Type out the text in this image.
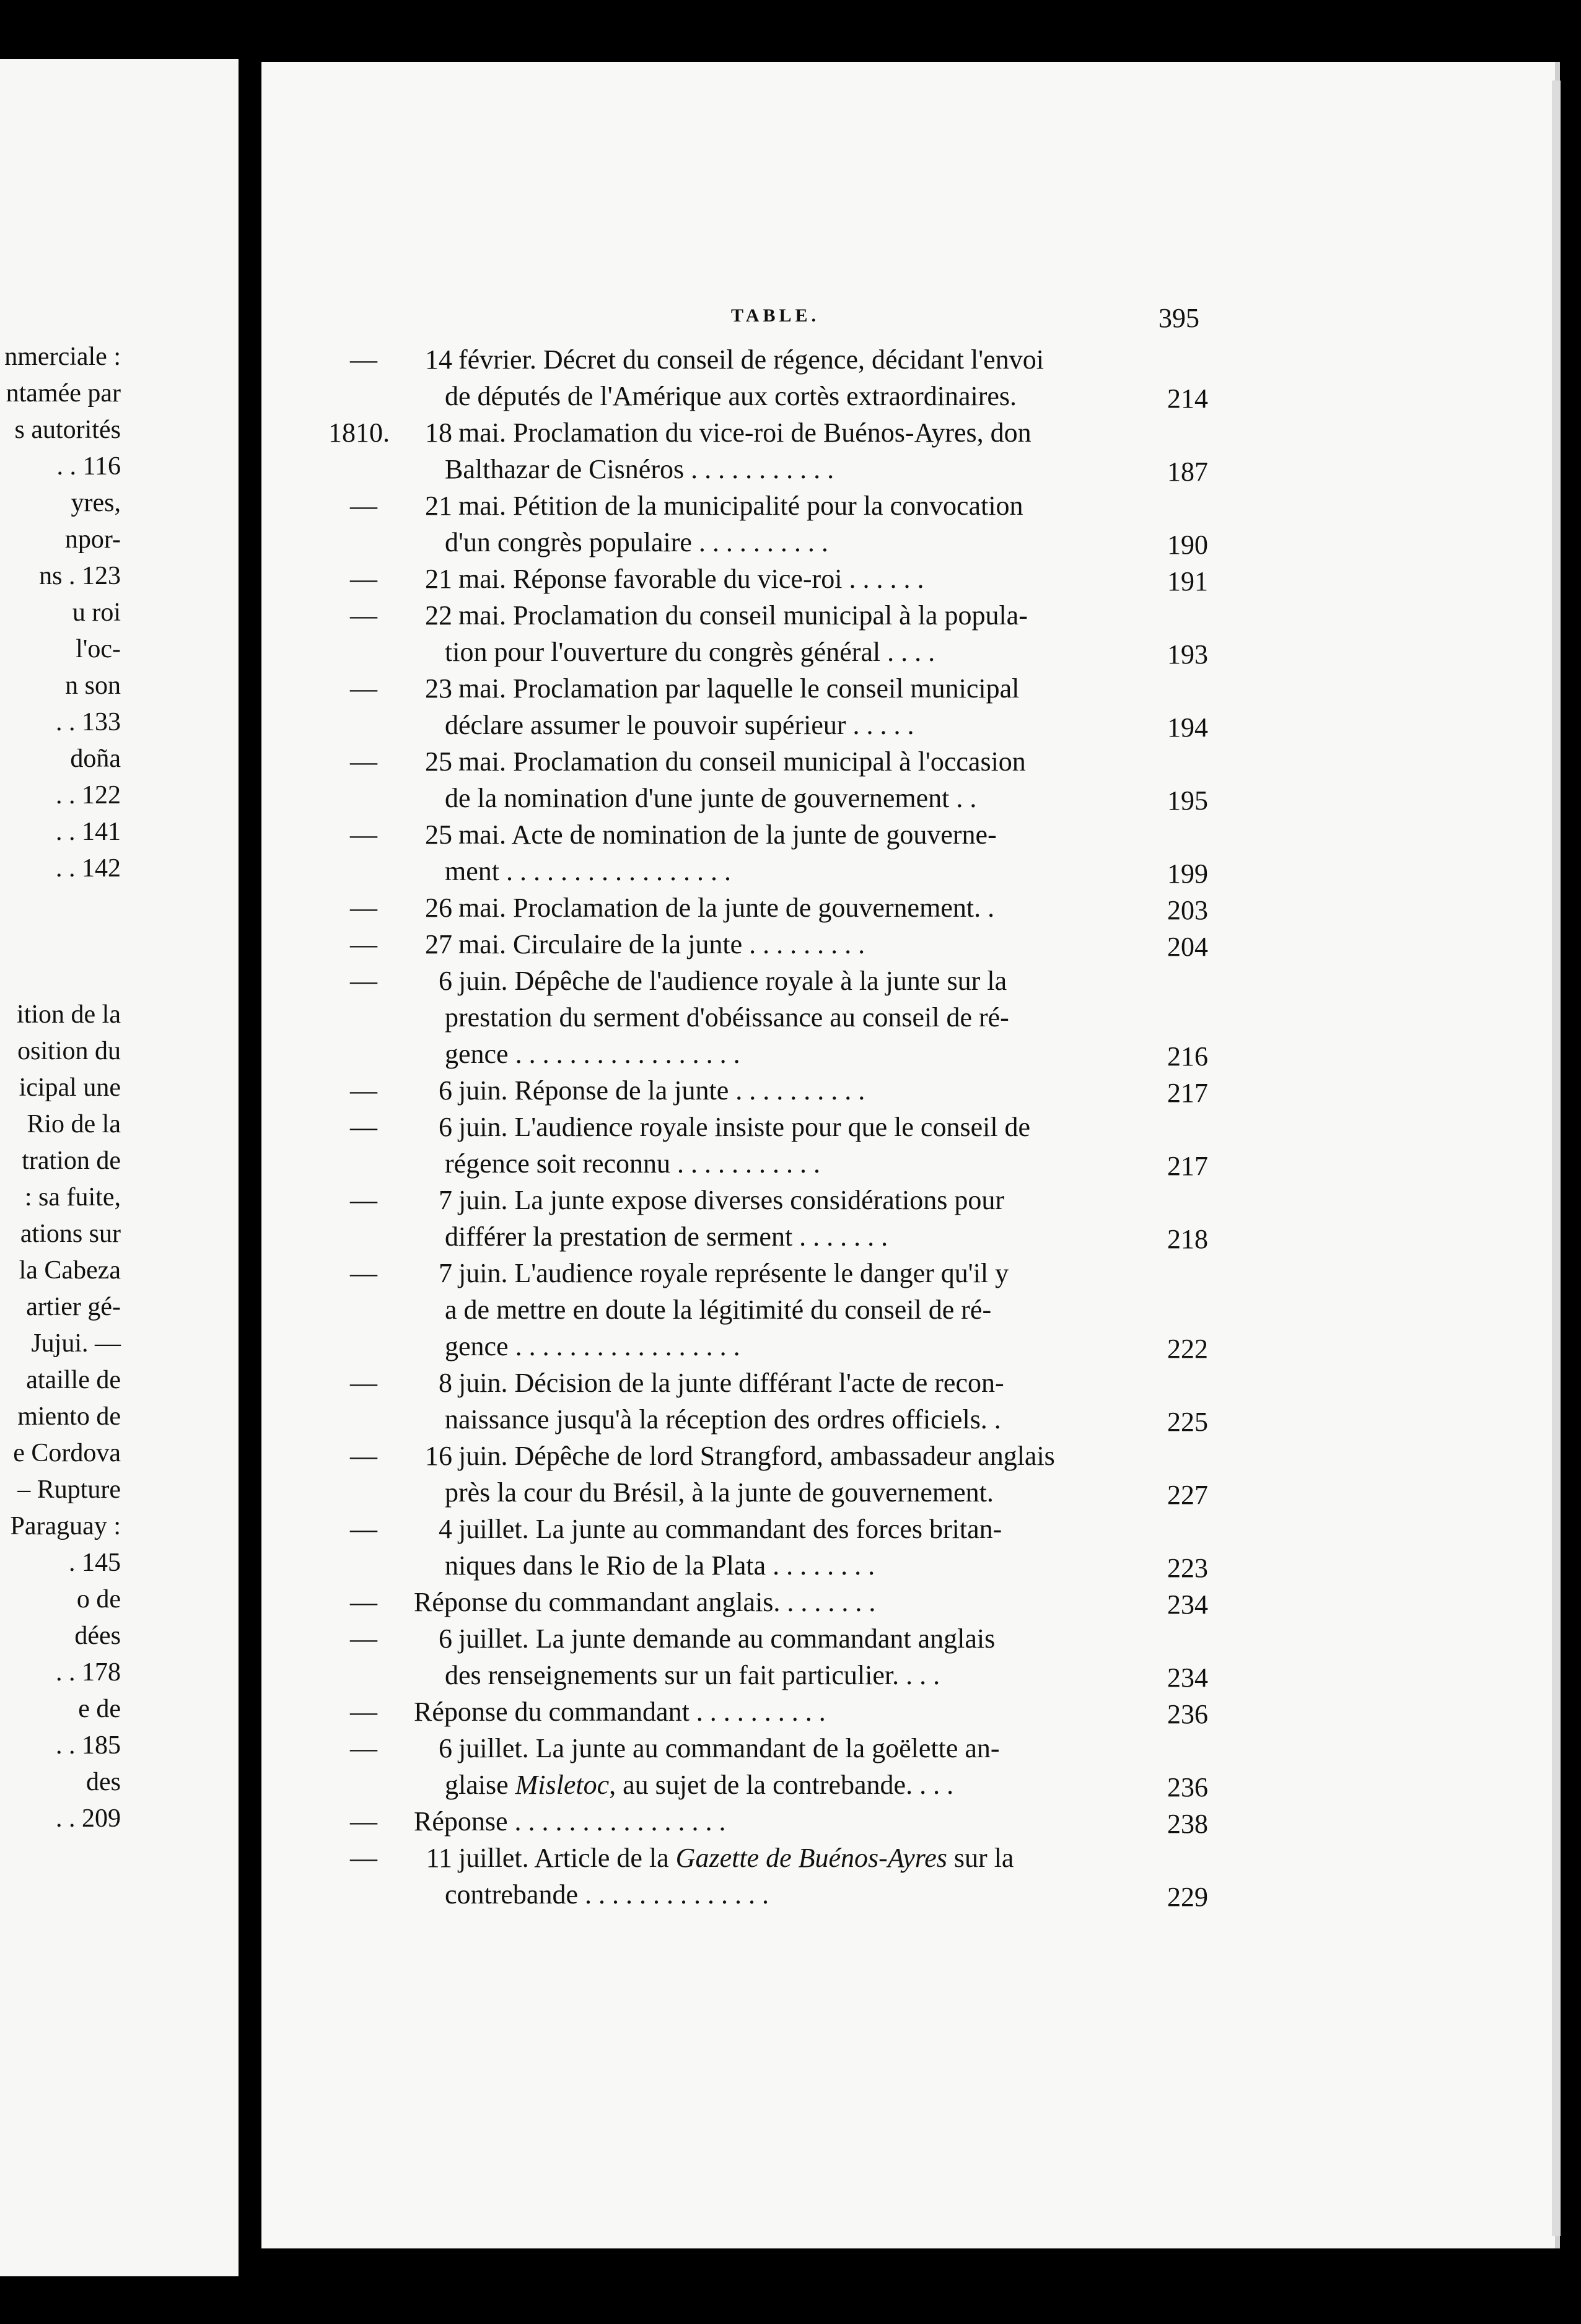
nmerciale :
ntamée par
s autorités
. . 116
yres,
npor-
ns . 123
u roi
l'oc-
n son
. . 133
doña
. . 122
. . 141
. . 142
ition de la
osition du
icipal une
Rio de la
tration de
: sa fuite,
ations sur
la Cabeza
artier gé-
Jujui. —
ataille de
miento de
e Cordova
– Rupture
Paraguay :
. 145
o de
dées
. . 178
e de
. . 185
des
. . 209
TABLE.	395
—	14 février. Décret du conseil de régence, décidant l'envoi
de députés de l'Amérique aux cortès extraordinaires.	214
1810.	18 mai. Proclamation du vice-roi de Buénos-Ayres, don
Balthazar de Cisnéros . . . . . . . . . . .	187
—	21 mai. Pétition de la municipalité pour la convocation
d'un congrès populaire . . . . . . . . . .	190
—	21 mai. Réponse favorable du vice-roi . . . . . .	191
—	22 mai. Proclamation du conseil municipal à la popula-
tion pour l'ouverture du congrès général . . . .	193
—	23 mai. Proclamation par laquelle le conseil municipal
déclare assumer le pouvoir supérieur . . . . .	194
—	25 mai. Proclamation du conseil municipal à l'occasion
de la nomination d'une junte de gouvernement . .	195
—	25 mai. Acte de nomination de la junte de gouverne-
ment . . . . . . . . . . . . . . . . .	199
—	26 mai. Proclamation de la junte de gouvernement. .	203
—	27 mai. Circulaire de la junte . . . . . . . . .	204
—	6 juin. Dépêche de l'audience royale à la junte sur la
prestation du serment d'obéissance au conseil de ré-
gence . . . . . . . . . . . . . . . . .	216
—	6 juin. Réponse de la junte . . . . . . . . . .	217
—	6 juin. L'audience royale insiste pour que le conseil de
régence soit reconnu . . . . . . . . . . .	217
—	7 juin. La junte expose diverses considérations pour
différer la prestation de serment . . . . . . .	218
—	7 juin. L'audience royale représente le danger qu'il y
a de mettre en doute la légitimité du conseil de ré-
gence . . . . . . . . . . . . . . . . .	222
—	8 juin. Décision de la junte différant l'acte de recon-
naissance jusqu'à la réception des ordres officiels. .	225
—	16 juin. Dépêche de lord Strangford, ambassadeur anglais
près la cour du Brésil, à la junte de gouvernement.	227
—	4 juillet. La junte au commandant des forces britan-
niques dans le Rio de la Plata . . . . . . . .	223
— Réponse du commandant anglais. . . . . . . .	234
—	6 juillet. La junte demande au commandant anglais
des renseignements sur un fait particulier. . . .	234
— Réponse du commandant . . . . . . . . . .	236
—	6 juillet. La junte au commandant de la goëlette an-
glaise Misletoc, au sujet de la contrebande. . . .	236
— Réponse . . . . . . . . . . . . . . . .	238
—	11 juillet. Article de la Gazette de Buénos-Ayres sur la
contrebande . . . . . . . . . . . . . .	229
